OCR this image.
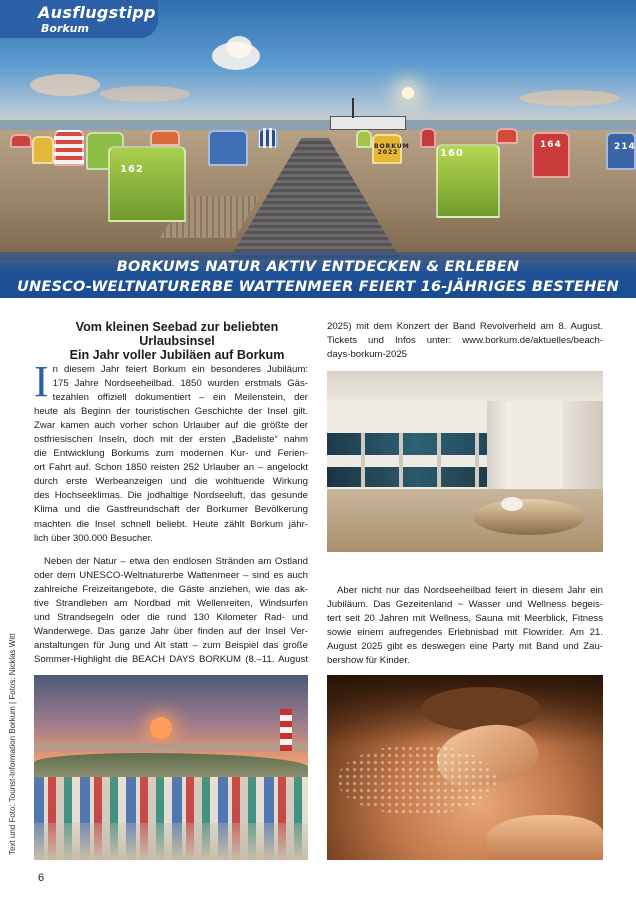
BORKUM 2022
164	214
162
160
Ausflugstipp
Borkum
BORKUMS NATUR AKTIV ENTDECKEN & ERLEBEN
UNESCO-WELTNATURERBE WATTENMEER FEIERT 16-JÄHRIGES BESTEHEN
Vom kleinen Seebad zur beliebten
Urlaubsinsel
Ein Jahr voller Jubiläen auf Borkum
I n diesem Jahr feiert Borkum ein besonderes Jubiläum:
175 Jahre Nordseeheilbad. 1850 wurden erstmals Gäs-
tezahlen offiziell dokumentiert – ein Meilenstein, der
heute als Beginn der touristischen Geschichte der Insel gilt.
Zwar kamen auch vorher schon Urlauber auf die größte der
ostfriesischen Inseln, doch mit der ersten „Badeliste“ nahm
die Entwicklung Borkums zum modernen Kur- und Ferien-
ort Fahrt auf. Schon 1850 reisten 252 Urlauber an – angelockt
durch erste Werbeanzeigen und die wohltuende Wirkung
des Hochseeklimas. Die jodhaltige Nordseeluft, das gesunde
Klima und die Gastfreundschaft der Borkumer Bevölkerung
machten die Insel schnell beliebt. Heute zählt Borkum jähr-
lich über 300.000 Besucher.
Neben der Natur – etwa den endlosen Stränden am Ostland
oder dem UNESCO-Weltnaturerbe Wattenmeer – sind es auch
zahlreiche Freizeitangebote, die Gäste anziehen, wie das ak-
tive Strandleben am Nordbad mit Wellenreiten, Windsurfen
und Strandsegeln oder die rund 130 Kilometer Rad- und
Wanderwege. Das ganze Jahr über finden auf der Insel Ver-
anstaltungen für Jung und Alt statt – zum Beispiel das große
Sommer-Highlight die BEACH DAYS BORKUM (8.–11. August
2025) mit dem Konzert der Band Revolverheld am 8. August.
Tickets und Infos unter: www.borkum.de/aktuelles/beach-
days-borkum-2025
Aber nicht nur das Nordseeheilbad feiert in diesem Jahr ein
Jubiläum. Das Gezeitenland ~ Wasser und Wellness begeis-
tert seit 20 Jahren mit Wellness, Sauna mit Meerblick, Fitness
sowie einem aufregendes Erlebnisbad mit Flowrider. Am 21.
August 2025 gibt es deswegen eine Party mit Band und Zau-
bershow für Kinder.
Text und Foto: Tourist-Information Borkum | Fotos: Nicklas Witt
6
